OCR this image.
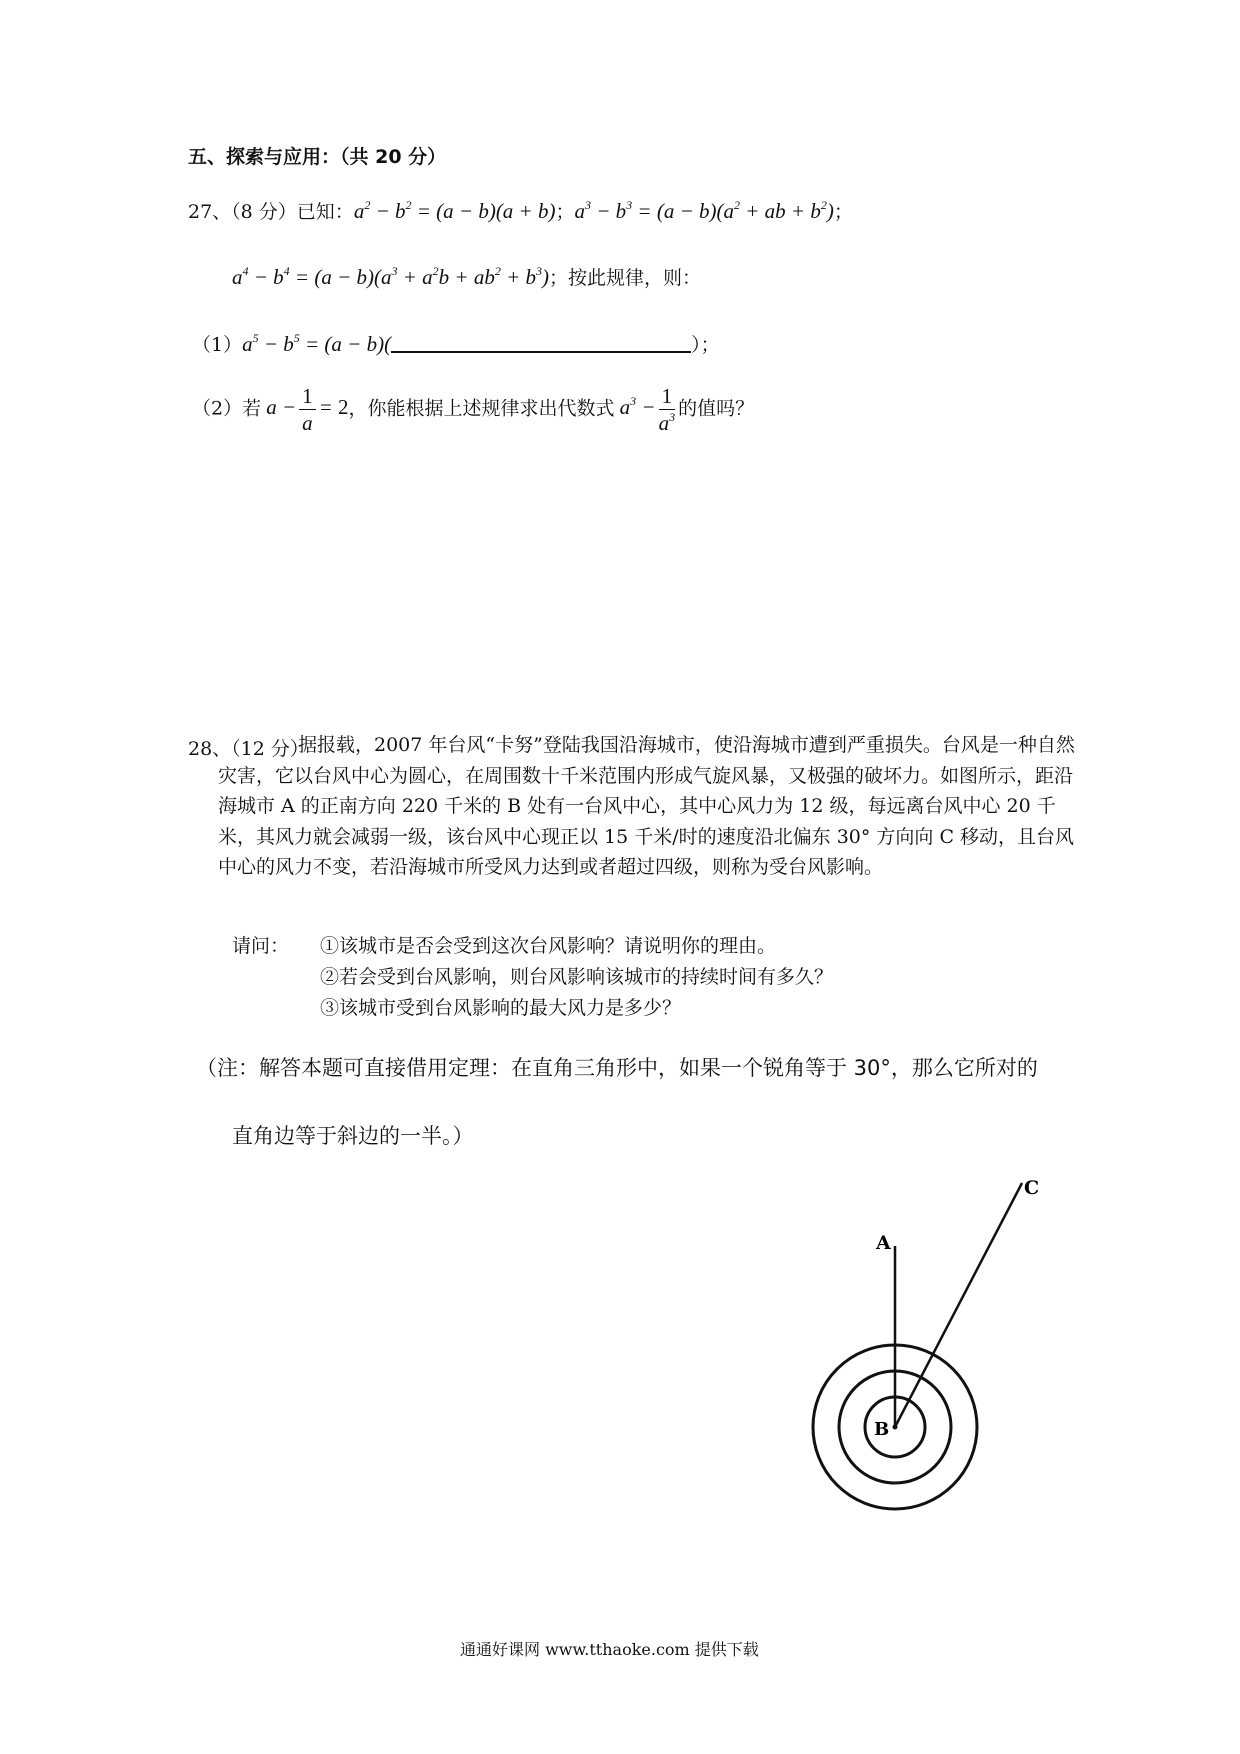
五、探索与应用：（共 20 分）
27、（8 分）已知：$a^2 - b^2 = (a - b)(a + b)$；$a^3 - b^3 = (a - b)(a^2$ + ab + $b^2$)；
$a^4 - b^4 = (a - b)(a^3 + a^2b + ab^2 + b^3)$；按此规律，则：
$(1)a^5 - b^5 = (a - b)$(	）；
（2）若 $a - \frac{1}{a} = 2$，你能根据上述规律求出代数式 $a^3 - \frac{1}{a^3}$ 的值吗？
28、（12 分）
据报载，2007 年台风“卡努”登陆我国沿海城市，使沿海城市遭到严重损失。台风是一种自然灾害，它以台风中心为圆心，在周围数十千米范围内形成气旋风暴，又极强的破坏力。如图所示，距沿海城市 A 的正南方向 220 千米的 B 处有一台风中心，其中心风力为 12 级，每远离台风中心 20 千米，其风力就会减弱一级，该台风中心现正以 15 千米/时的速度沿北偏东 30° 方向向 C 移动，且台风中心的风力不变，若沿海城市所受风力达到或者超过四级，则称为受台风影响。
请问： ①该城市是否会受到这次台风影响？请说明你的理由。
②若会受到台风影响，则台风影响该城市的持续时间有多久？
③该城市受到台风影响的最大风力是多少？
（注：解答本题可直接借用定理：在直角三角形中，如果一个锐角等于 30°，那么它所对的
直角边等于斜边的一半。）
A
B
C
通通好课网 www.tthaoke.com 提供下载
